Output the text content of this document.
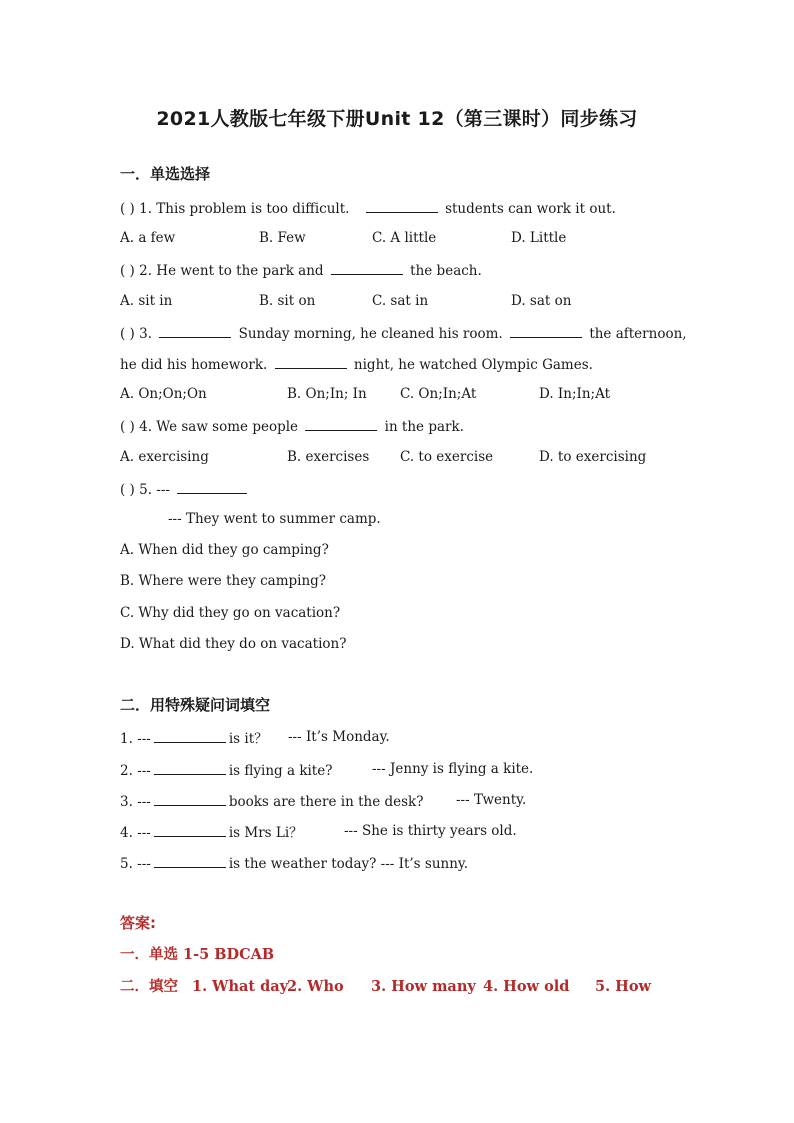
2021人教版七年级下册Unit 12（第三课时）同步练习
一．单选选择
( ) 1. This problem is too difficult.	students can work it out.
A. a few	B. Few	C. A little	D. Little
( ) 2. He went to the park and	the beach.
A. sit in	B. sit on	C. sat in	D. sat on
( ) 3.	Sunday morning, he cleaned his room.	the afternoon,
he did his homework.	night, he watched Olympic Games.
A. On;On;On	B. On;In; In C. On;In;At	D. In;In;At
( ) 4. We saw some people	in the park.
A. exercising	B. exercises C. to exercise	D. to exercising
( ) 5. ---
--- They went to summer camp.
A. When did they go camping?
B. Where were they camping?
C. Why did they go on vacation?
D. What did they do on vacation?
二．用特殊疑问词填空
1. ---	is it？ --- It’s Monday.
2. ---	is flying a kite?	--- Jenny is flying a kite.
3. ---	books are there in the desk? --- Twenty.
4. ---	is Mrs Li？	--- She is thirty years old.
5. ---	is the weather today? --- It’s sunny.
答案:
一．单选 1-5 BDCAB
二．填空 1. What day
2. Who 3. How many 4. How old 5. How
